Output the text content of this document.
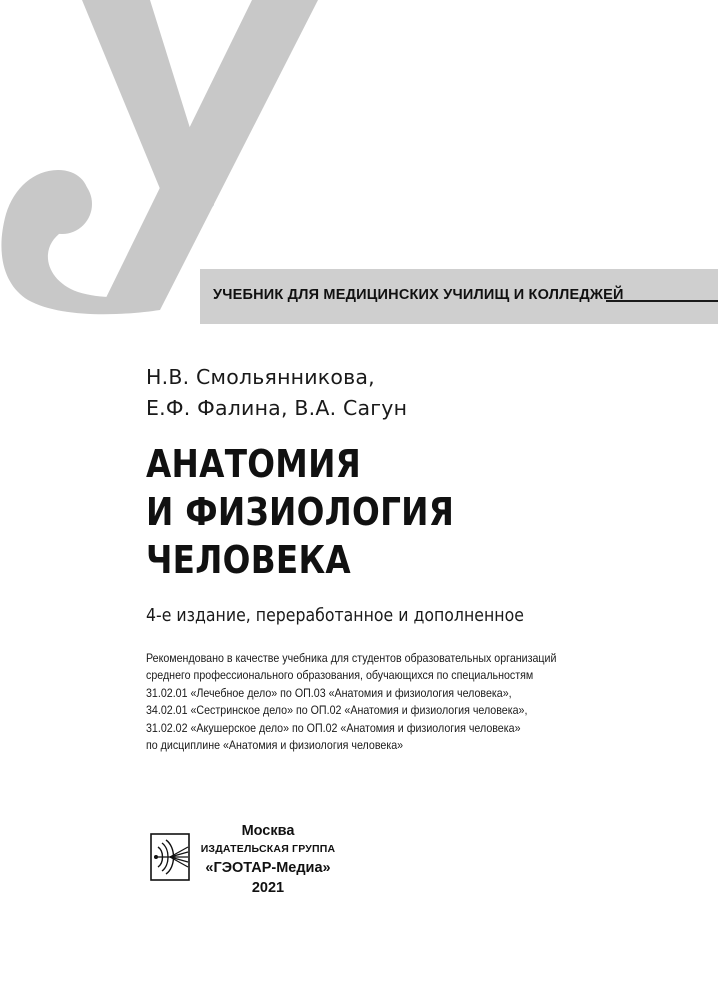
УЧЕБНИК ДЛЯ МЕДИЦИНСКИХ УЧИЛИЩ И КОЛЛЕДЖЕЙ
Н.В. Смольянникова,
Е.Ф. Фалина, В.А. Сагун
АНАТОМИЯ
И ФИЗИОЛОГИЯ
ЧЕЛОВЕКА
4-е издание, переработанное и дополненное
Рекомендовано в качестве учебника для студентов образовательных организаций
среднего профессионального образования, обучающихся по специальностям
31.02.01 «Лечебное дело» по ОП.03 «Анатомия и физиология человека»,
34.02.01 «Сестринское дело» по ОП.02 «Анатомия и физиология человека»,
31.02.02 «Акушерское дело» по ОП.02 «Анатомия и физиология человека»
по дисциплине «Анатомия и физиология человека»
Москва
ИЗДАТЕЛЬСКАЯ ГРУППА
«ГЭОТАР-Медиа»
2021
